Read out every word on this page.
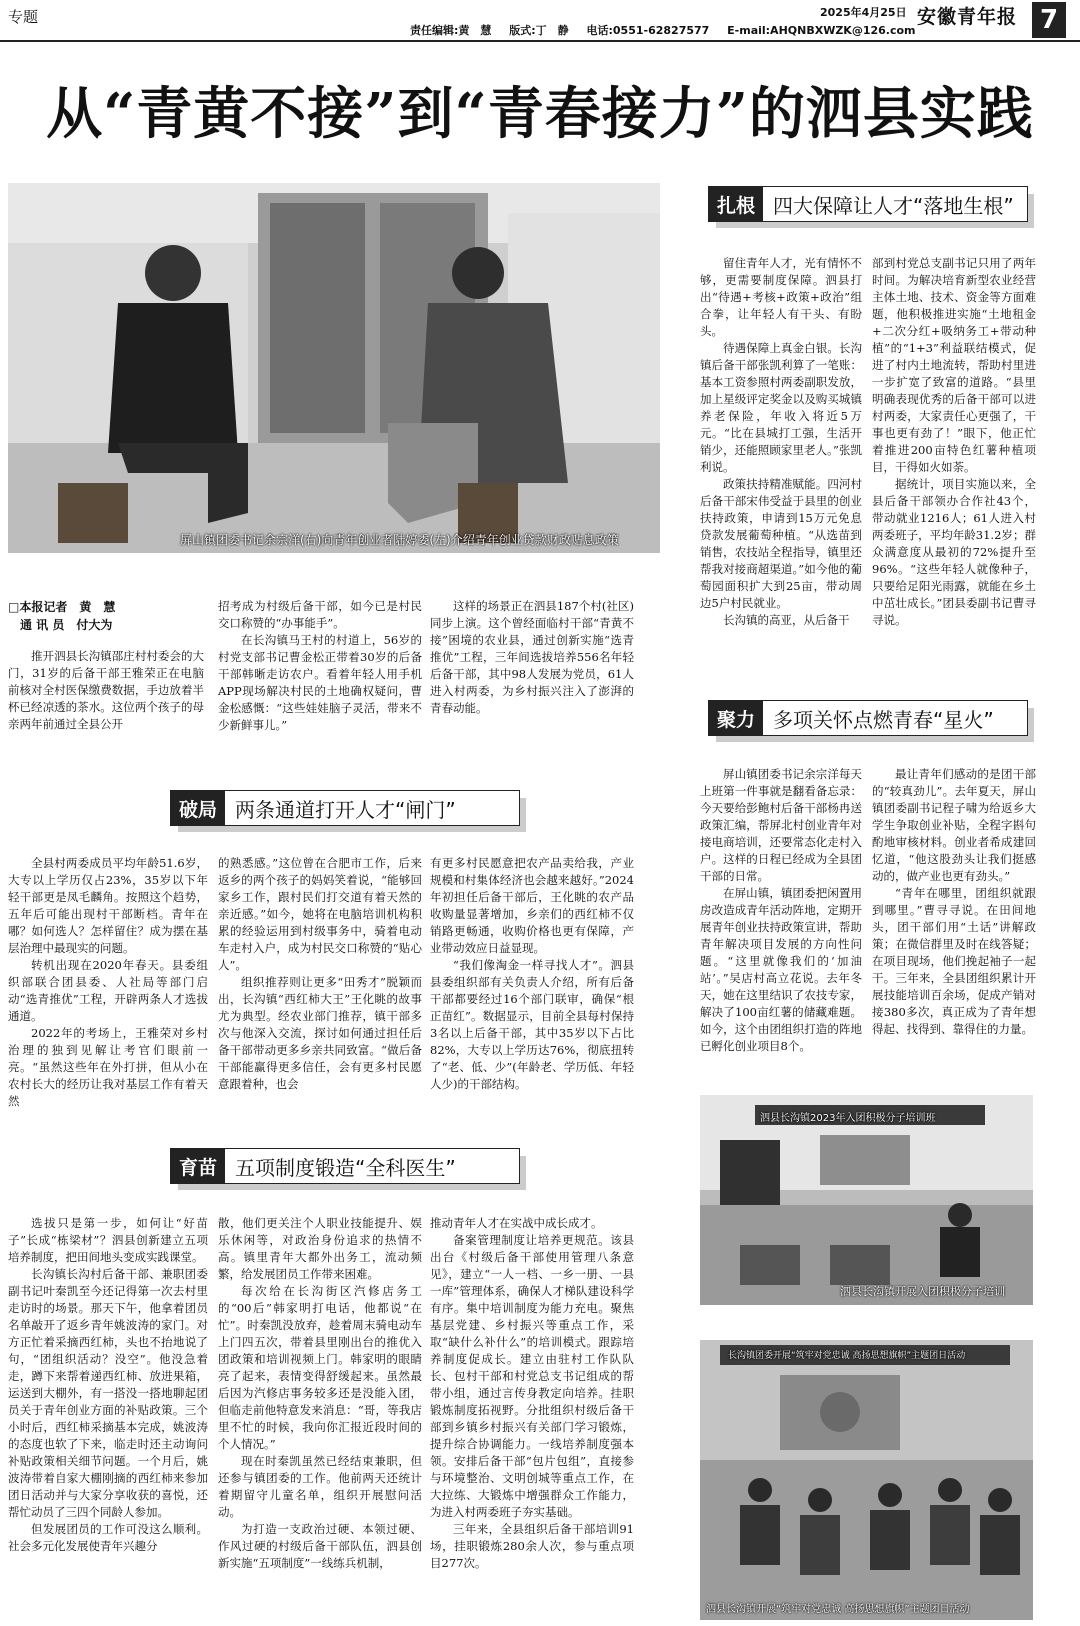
专题	2025年4月25日
责任编辑:黄　慧 版式:丁　静 电话:0551-62827577 E-mail:AHQNBXWZK@126.com
安徽青年报 7
从“青黄不接”到“青春接力”的泗县实践
屏山镇团委书记余宗洋(右)向青年创业者陆婷委(左)介绍青年创业贷款财政贴息政策
□本报记者　黄　慧
　通 讯 员　付大为

推开泗县长沟镇邵庄村村委会的大门，31岁的后备干部王雅荣正在电脑前核对全村医保缴费数据，手边放着半杯已经凉透的茶水。这位两个孩子的母亲两年前通过全县公开

招考成为村级后备干部，如今已是村民交口称赞的“办事能手”。

在长沟镇马王村的村道上，56岁的村党支部书记曹金松正带着30岁的后备干部韩晰走访农户。看着年轻人用手机APP现场解决村民的土地确权疑问，曹金松感慨：“这些娃娃脑子灵活，带来不少新鲜事儿。”

这样的场景正在泗县187个村(社区)同步上演。这个曾经面临村干部“青黄不接”困境的农业县，通过创新实施“选青推优”工程，三年间选拔培养556名年轻后备干部，其中98人发展为党员，61人进入村两委，为乡村振兴注入了澎湃的青春动能。

破局 两条通道打开人才“闸门”

全县村两委成员平均年龄51.6岁，大专以上学历仅占23%，35岁以下年轻干部更是凤毛麟角。按照这个趋势，五年后可能出现村干部断档。青年在哪？如何选人？怎样留住？成为摆在基层治理中最现实的问题。

转机出现在2020年春天。县委组织部联合团县委、人社局等部门启动“选青推优”工程，开辟两条人才选拔通道。

2022年的考场上，王雅荣对乡村治理的独到见解让考官们眼前一亮。“虽然这些年在外打拼，但从小在农村长大的经历让我对基层工作有着天然

的熟悉感。”这位曾在合肥市工作，后来返乡的两个孩子的妈妈笑着说，“能够回家乡工作，跟村民们打交道有着天然的亲近感。”如今，她将在电脑培训机构积累的经验运用到村级事务中，骑着电动车走村入户，成为村民交口称赞的“贴心人”。

组织推荐则让更多“田秀才”脱颖而出，长沟镇“西红柿大王”王化眺的故事尤为典型。经农业部门推荐，镇干部多次与他深入交流，探讨如何通过担任后备干部带动更多乡亲共同致富。“做后备干部能赢得更多信任，会有更多村民愿意跟着种，也会

有更多村民愿意把农产品卖给我，产业规模和村集体经济也会越来越好。”2024年初担任后备干部后，王化眺的农产品收购量显著增加，乡亲们的西红柿不仅销路更畅通，收购价格也更有保障，产业带动效应日益显现。

“我们像淘金一样寻找人才”。泗县县委组织部有关负责人介绍，所有后备干部都要经过16个部门联审，确保“根正苗红”。数据显示，目前全县每村保持3名以上后备干部，其中35岁以下占比82%，大专以上学历达76%，彻底扭转了“老、低、少”(年龄老、学历低、年轻人少)的干部结构。

育苗 五项制度锻造“全科医生”

选拔只是第一步，如何让“好苗子”长成“栋梁材”？泗县创新建立五项培养制度，把田间地头变成实践课堂。

长沟镇长沟村后备干部、兼职团委副书记叶秦凯至今还记得第一次去村里走访时的场景。那天下午，他拿着团员名单敲开了返乡青年姚波涛的家门。对方正忙着采摘西红柿，头也不抬地说了句，“团组织活动？没空”。他没急着走，蹲下来帮着递西红柿、放进果箱，运送到大棚外，有一搭没一搭地聊起团员关于青年创业方面的补贴政策。三个小时后，西红柿采摘基本完成，姚波涛的态度也软了下来，临走时还主动询问补贴政策相关细节问题。一个月后，姚波涛带着自家大棚刚摘的西红柿来参加团日活动并与大家分享收获的喜悦，还帮忙动员了三四个同龄人参加。

但发展团员的工作可没这么顺利。社会多元化发展使青年兴趣分

散，他们更关注个人职业技能提升、娱乐休闲等，对政治身份追求的热情不高。镇里青年大都外出务工，流动频繁，给发展团员工作带来困难。

每次给在长沟街区汽修店务工的“00后”韩家明打电话，他都说“在忙”。时秦凯没放弃，趁着周末骑电动车上门四五次，带着县里刚出台的推优入团政策和培训视频上门。韩家明的眼睛亮了起来，表情变得舒缓起来。虽然最后因为汽修店事务较多还是没能入团，但临走前他特意发来消息：“哥，等我店里不忙的时候，我向你汇报近段时间的个人情况。”

现在时秦凯虽然已经结束兼职，但还参与镇团委的工作。他前两天还统计着期留守儿童名单，组织开展慰问活动。

为打造一支政治过硬、本领过硬、作风过硬的村级后备干部队伍，泗县创新实施“五项制度”一线练兵机制，

推动青年人才在实战中成长成才。

备案管理制度让培养更规范。该县出台《村级后备干部使用管理八条意见》，建立“一人一档、一乡一册、一县一库”管理体系，确保人才梯队建设科学有序。集中培训制度为能力充电。聚焦基层党建、乡村振兴等重点工作，采取“缺什么补什么”的培训模式。跟踪培养制度促成长。建立由驻村工作队队长、包村干部和村党总支书记组成的帮带小组，通过言传身教定向培养。挂职锻炼制度拓视野。分批组织村级后备干部到乡镇乡村振兴有关部门学习锻炼，提升综合协调能力。一线培养制度强本领。安排后备干部“包片包组”，直接参与环境整治、文明创城等重点工作，在大拉练、大锻炼中增强群众工作能力，为进入村两委班子夯实基础。

三年来，全县组织后备干部培训91场，挂职锻炼280余人次，参与重点项目277次。

扎根 四大保障让人才“落地生根”

留住青年人才，光有情怀不够，更需要制度保障。泗县打出“待遇+考核+政策+政治”组合拳，让年轻人有干头、有盼头。

待遇保障上真金白银。长沟镇后备干部张凯利算了一笔账：基本工资参照村两委副职发放，加上星级评定奖金以及购买城镇养老保险，年收入将近5万元。“比在县城打工强，生活开销少，还能照顾家里老人。”张凯利说。

政策扶持精准赋能。四河村后备干部宋伟受益于县里的创业扶持政策，申请到15万元免息贷款发展葡萄种植。“从选苗到销售，农技站全程指导，镇里还帮我对接商超渠道。”如今他的葡萄园面积扩大到25亩，带动周边5户村民就业。

长沟镇的高亚，从后备干

部到村党总支副书记只用了两年时间。为解决培育新型农业经营主体土地、技术、资金等方面难题，他积极推进实施“土地租金+二次分红+吸纳务工+带动种植”的“1+3”利益联结模式，促进了村内土地流转，帮助村里进一步扩宽了致富的道路。“县里明确表现优秀的后备干部可以进村两委，大家责任心更强了，干事也更有劲了！”眼下，他正忙着推进200亩特色红薯种植项目，干得如火如荼。

据统计，项目实施以来，全县后备干部领办合作社43个，带动就业1216人；61人进入村两委班子，平均年龄31.2岁；群众满意度从最初的72%提升至96%。“这些年轻人就像种子，只要给足阳光雨露，就能在乡土中茁壮成长。”团县委副书记曹寻寻说。

聚力 多项关怀点燃青春“星火”

屏山镇团委书记余宗洋每天上班第一件事就是翻看备忘录：今天要给彭鲍村后备干部杨冉送政策汇编，帮屏北村创业青年对接电商培训，还要常态化走村入户。这样的日程已经成为全县团干部的日常。

在屏山镇，镇团委把闲置用房改造成青年活动阵地，定期开展青年创业扶持政策宣讲，帮助青年解决项目发展的方向性问题。“这里就像我们的‘加油站’。”吴店村高立花说。去年冬天，她在这里结识了农技专家，解决了100亩红薯的储藏难题。如今，这个由团组织打造的阵地已孵化创业项目8个。

最让青年们感动的是团干部的“较真劲儿”。去年夏天，屏山镇团委副书记程子啸为给返乡大学生争取创业补贴，全程字斟句酌地审核材料。创业者希成建回忆道，“他这股劲头让我们挺感动的，做产业也更有劲头。”

“青年在哪里，团组织就跟到哪里。”曹寻寻说。在田间地头，团干部们用“土话”讲解政策；在微信群里及时在线答疑；在项目现场，他们挽起袖子一起干。三年来，全县团组织累计开展技能培训百余场，促成产销对接380多次，真正成为了青年想得起、找得到、靠得住的力量。

泗县长沟镇2023年入团积极分子培训班
泗县长沟镇开展入团积极分子培训
长沟镇团委开展“筑牢对党忠诚 高扬思想旗帜”主题团日活动
泗县长沟镇开展“筑牢对党忠诚 高扬思想旗帜”主题团日活动
